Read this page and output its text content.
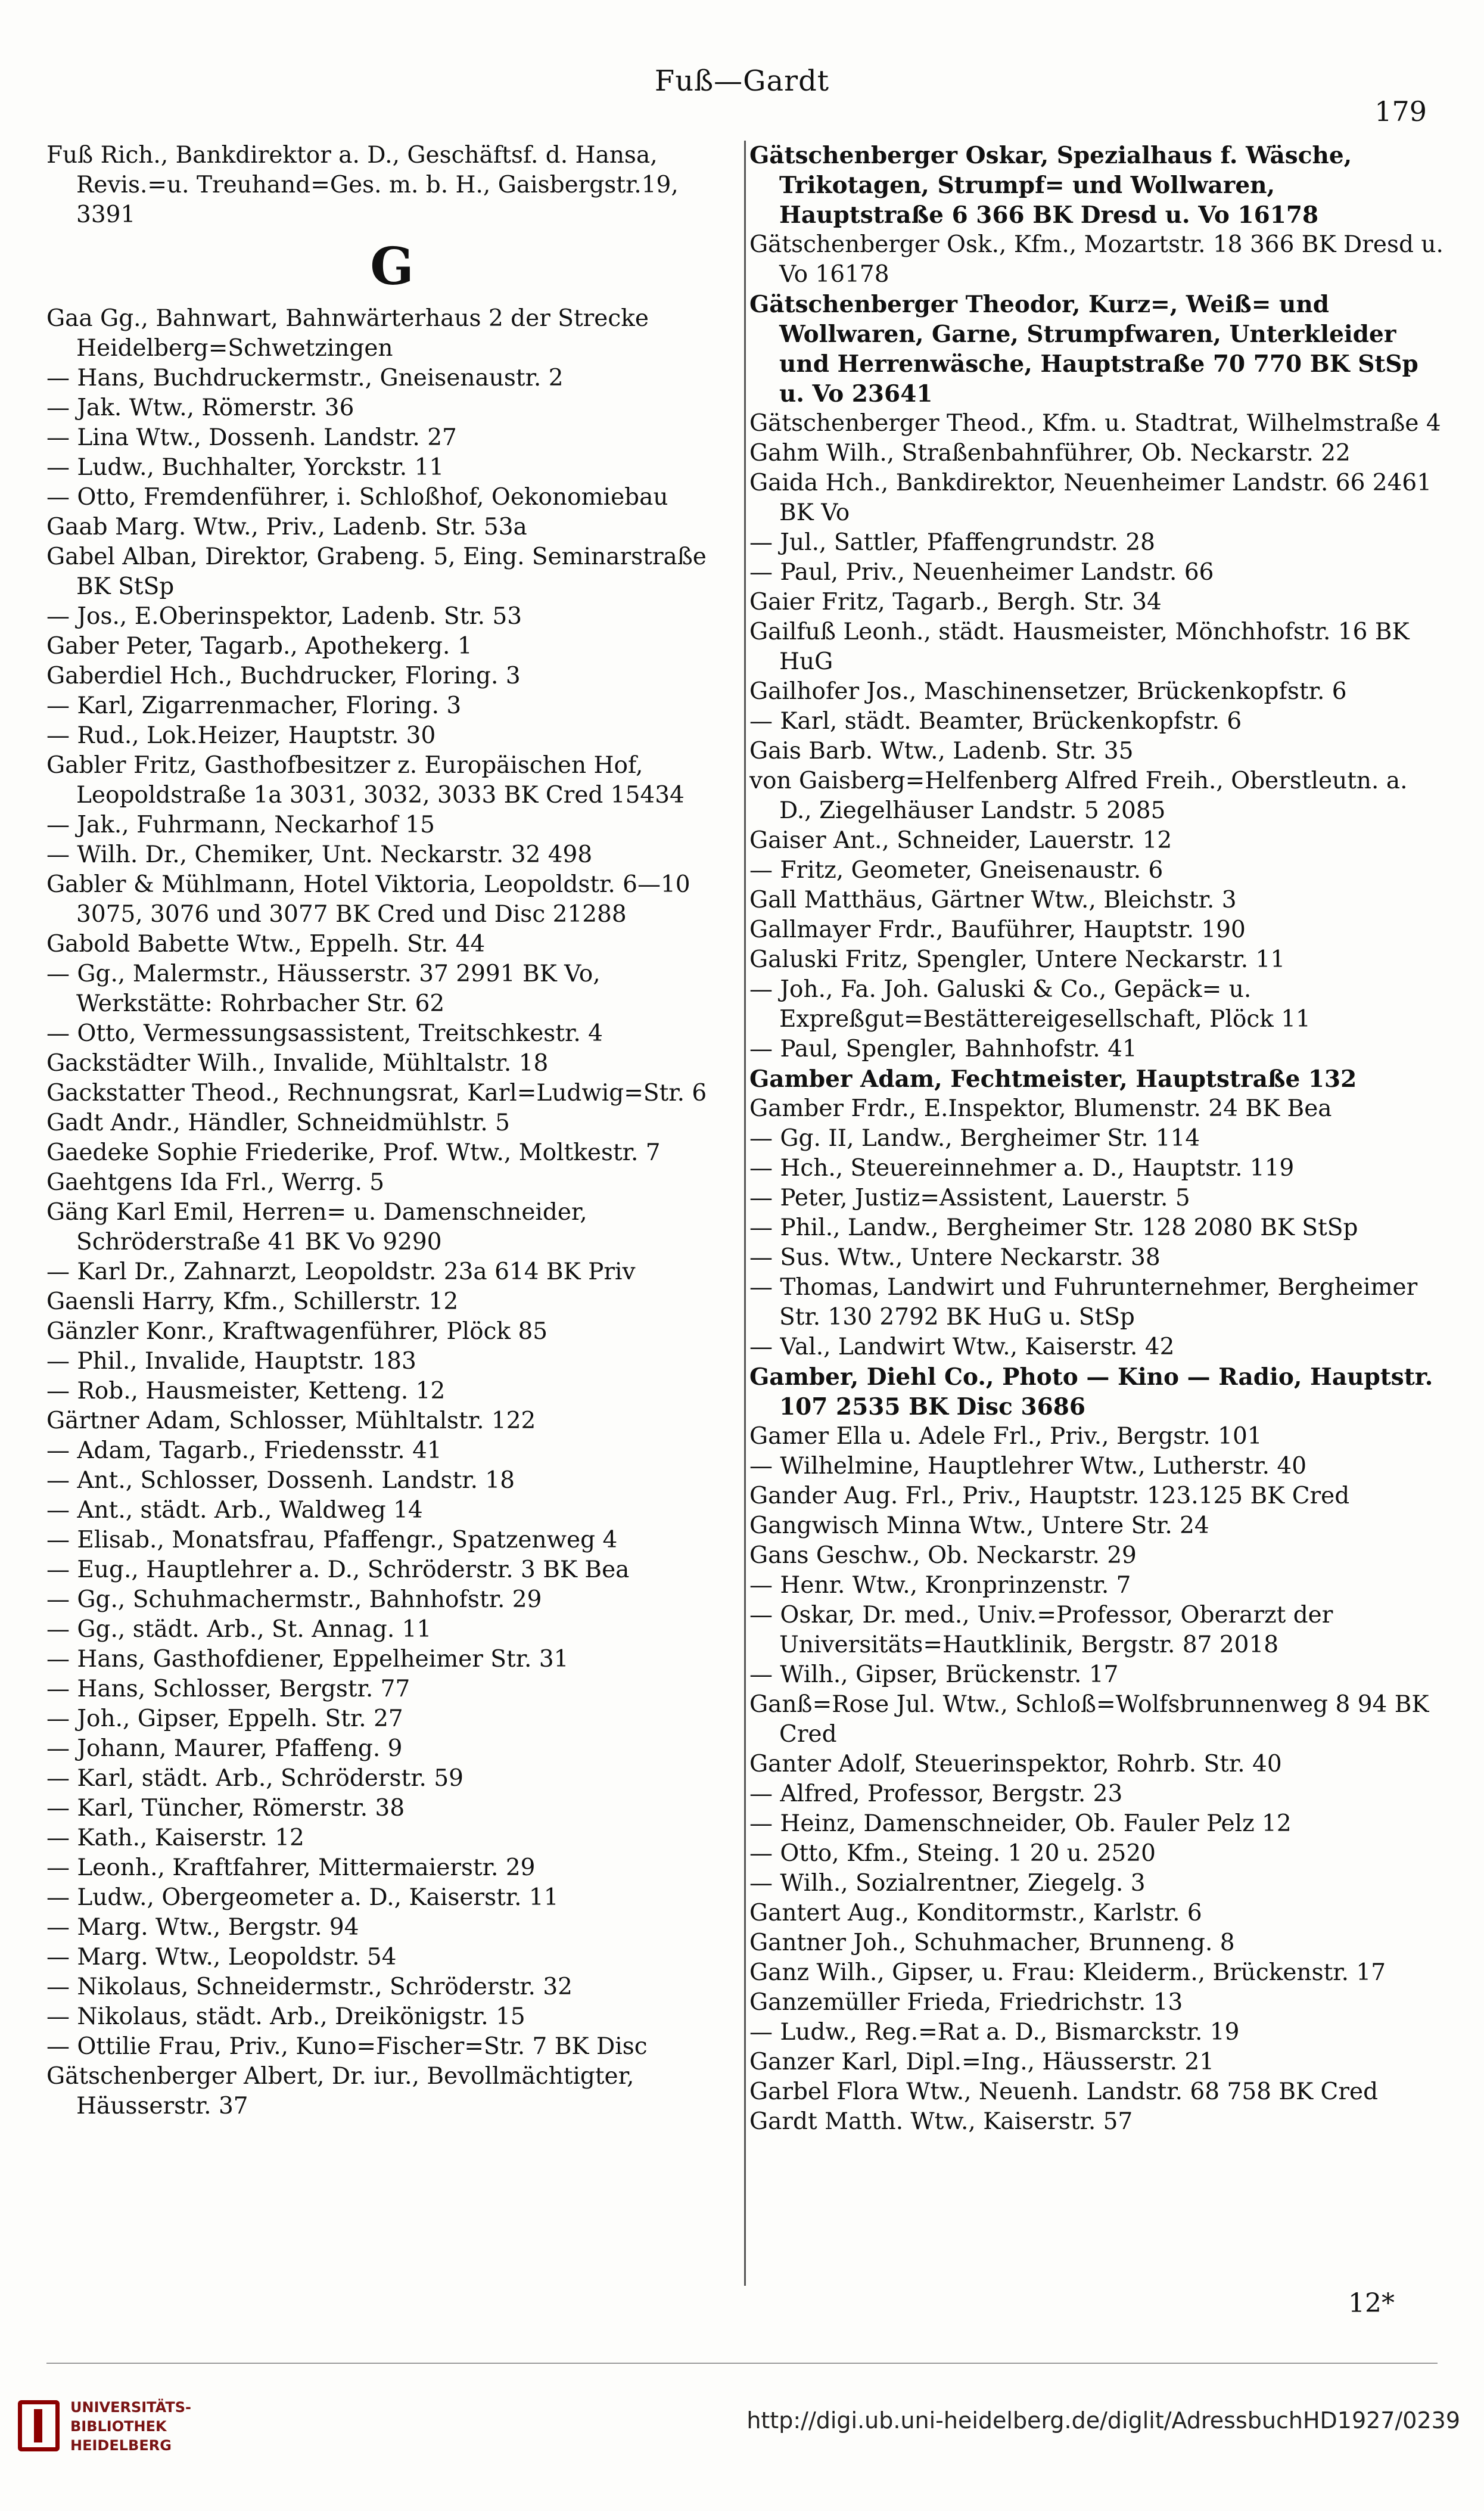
Fuß—Gardt
179
Fuß Rich., Bankdirektor a. D., Geschäftsf. d. Hansa, Revis.=u. Treuhand=Ges. m. b. H., Gaisbergstr.19, 3391
G
Gaa Gg., Bahnwart, Bahnwärterhaus 2 der Strecke Heidelberg=Schwetzingen
— Hans, Buchdruckermstr., Gneisenaustr. 2
— Jak. Wtw., Römerstr. 36
— Lina Wtw., Dossenh. Landstr. 27
— Ludw., Buchhalter, Yorckstr. 11
— Otto, Fremdenführer, i. Schloßhof, Oekonomiebau
Gaab Marg. Wtw., Priv., Ladenb. Str. 53a
Gabel Alban, Direktor, Grabeng. 5, Eing. Seminarstraße BK StSp
— Jos., E.Oberinspektor, Ladenb. Str. 53
Gaber Peter, Tagarb., Apothekerg. 1
Gaberdiel Hch., Buchdrucker, Floring. 3
— Karl, Zigarrenmacher, Floring. 3
— Rud., Lok.Heizer, Hauptstr. 30
Gabler Fritz, Gasthofbesitzer z. Europäischen Hof, Leopoldstraße 1a 3031, 3032, 3033 BK Cred 15434
— Jak., Fuhrmann, Neckarhof 15
— Wilh. Dr., Chemiker, Unt. Neckarstr. 32 498
Gabler & Mühlmann, Hotel Viktoria, Leopoldstr. 6—10 3075, 3076 und 3077 BK Cred und Disc 21288
Gabold Babette Wtw., Eppelh. Str. 44
— Gg., Malermstr., Häusserstr. 37 2991 BK Vo, Werkstätte: Rohrbacher Str. 62
— Otto, Vermessungsassistent, Treitschkestr. 4
Gackstädter Wilh., Invalide, Mühltalstr. 18
Gackstatter Theod., Rechnungsrat, Karl=Ludwig=Str. 6
Gadt Andr., Händler, Schneidmühlstr. 5
Gaedeke Sophie Friederike, Prof. Wtw., Moltkestr. 7
Gaehtgens Ida Frl., Werrg. 5
Gäng Karl Emil, Herren= u. Damenschneider, Schröderstraße 41 BK Vo 9290
— Karl Dr., Zahnarzt, Leopoldstr. 23a 614 BK Priv
Gaensli Harry, Kfm., Schillerstr. 12
Gänzler Konr., Kraftwagenführer, Plöck 85
— Phil., Invalide, Hauptstr. 183
— Rob., Hausmeister, Ketteng. 12
Gärtner Adam, Schlosser, Mühltalstr. 122
— Adam, Tagarb., Friedensstr. 41
— Ant., Schlosser, Dossenh. Landstr. 18
— Ant., städt. Arb., Waldweg 14
— Elisab., Monatsfrau, Pfaffengr., Spatzenweg 4
— Eug., Hauptlehrer a. D., Schröderstr. 3 BK Bea
— Gg., Schuhmachermstr., Bahnhofstr. 29
— Gg., städt. Arb., St. Annag. 11
— Hans, Gasthofdiener, Eppelheimer Str. 31
— Hans, Schlosser, Bergstr. 77
— Joh., Gipser, Eppelh. Str. 27
— Johann, Maurer, Pfaffeng. 9
— Karl, städt. Arb., Schröderstr. 59
— Karl, Tüncher, Römerstr. 38
— Kath., Kaiserstr. 12
— Leonh., Kraftfahrer, Mittermaierstr. 29
— Ludw., Obergeometer a. D., Kaiserstr. 11
— Marg. Wtw., Bergstr. 94
— Marg. Wtw., Leopoldstr. 54
— Nikolaus, Schneidermstr., Schröderstr. 32
— Nikolaus, städt. Arb., Dreikönigstr. 15
— Ottilie Frau, Priv., Kuno=Fischer=Str. 7 BK Disc
Gätschenberger Albert, Dr. iur., Bevollmächtigter, Häusserstr. 37
Gätschenberger Oskar, Spezialhaus f. Wäsche, Trikotagen, Strumpf= und Wollwaren, Hauptstraße 6 366 BK Dresd u. Vo 16178
Gätschenberger Osk., Kfm., Mozartstr. 18 366 BK Dresd u. Vo 16178
Gätschenberger Theodor, Kurz=, Weiß= und Wollwaren, Garne, Strumpfwaren, Unterkleider und Herrenwäsche, Hauptstraße 70 770 BK StSp u. Vo 23641
Gätschenberger Theod., Kfm. u. Stadtrat, Wilhelmstraße 4
Gahm Wilh., Straßenbahnführer, Ob. Neckarstr. 22
Gaida Hch., Bankdirektor, Neuenheimer Landstr. 66 2461 BK Vo
— Jul., Sattler, Pfaffengrundstr. 28
— Paul, Priv., Neuenheimer Landstr. 66
Gaier Fritz, Tagarb., Bergh. Str. 34
Gailfuß Leonh., städt. Hausmeister, Mönchhofstr. 16 BK HuG
Gailhofer Jos., Maschinensetzer, Brückenkopfstr. 6
— Karl, städt. Beamter, Brückenkopfstr. 6
Gais Barb. Wtw., Ladenb. Str. 35
von Gaisberg=Helfenberg Alfred Freih., Oberstleutn. a. D., Ziegelhäuser Landstr. 5 2085
Gaiser Ant., Schneider, Lauerstr. 12
— Fritz, Geometer, Gneisenaustr. 6
Gall Matthäus, Gärtner Wtw., Bleichstr. 3
Gallmayer Frdr., Bauführer, Hauptstr. 190
Galuski Fritz, Spengler, Untere Neckarstr. 11
— Joh., Fa. Joh. Galuski & Co., Gepäck= u. Expreßgut=Bestättereigesellschaft, Plöck 11
— Paul, Spengler, Bahnhofstr. 41
Gamber Adam, Fechtmeister, Hauptstraße 132
Gamber Frdr., E.Inspektor, Blumenstr. 24 BK Bea
— Gg. II, Landw., Bergheimer Str. 114
— Hch., Steuereinnehmer a. D., Hauptstr. 119
— Peter, Justiz=Assistent, Lauerstr. 5
— Phil., Landw., Bergheimer Str. 128 2080 BK StSp
— Sus. Wtw., Untere Neckarstr. 38
— Thomas, Landwirt und Fuhrunternehmer, Bergheimer Str. 130 2792 BK HuG u. StSp
— Val., Landwirt Wtw., Kaiserstr. 42
Gamber, Diehl Co., Photo — Kino — Radio, Hauptstr. 107 2535 BK Disc 3686
Gamer Ella u. Adele Frl., Priv., Bergstr. 101
— Wilhelmine, Hauptlehrer Wtw., Lutherstr. 40
Gander Aug. Frl., Priv., Hauptstr. 123.125 BK Cred
Gangwisch Minna Wtw., Untere Str. 24
Gans Geschw., Ob. Neckarstr. 29
— Henr. Wtw., Kronprinzenstr. 7
— Oskar, Dr. med., Univ.=Professor, Oberarzt der Universitäts=Hautklinik, Bergstr. 87 2018
— Wilh., Gipser, Brückenstr. 17
Ganß=Rose Jul. Wtw., Schloß=Wolfsbrunnenweg 8 94 BK Cred
Ganter Adolf, Steuerinspektor, Rohrb. Str. 40
— Alfred, Professor, Bergstr. 23
— Heinz, Damenschneider, Ob. Fauler Pelz 12
— Otto, Kfm., Steing. 1 20 u. 2520
— Wilh., Sozialrentner, Ziegelg. 3
Gantert Aug., Konditormstr., Karlstr. 6
Gantner Joh., Schuhmacher, Brunneng. 8
Ganz Wilh., Gipser, u. Frau: Kleiderm., Brückenstr. 17
Ganzemüller Frieda, Friedrichstr. 13
— Ludw., Reg.=Rat a. D., Bismarckstr. 19
Ganzer Karl, Dipl.=Ing., Häusserstr. 21
Garbel Flora Wtw., Neuenh. Landstr. 68 758 BK Cred
Gardt Matth. Wtw., Kaiserstr. 57
12*
UNIVERSITÄTS-
BIBLIOTHEK
HEIDELBERG
http://digi.ub.uni-heidelberg.de/diglit/AdressbuchHD1927/0239
